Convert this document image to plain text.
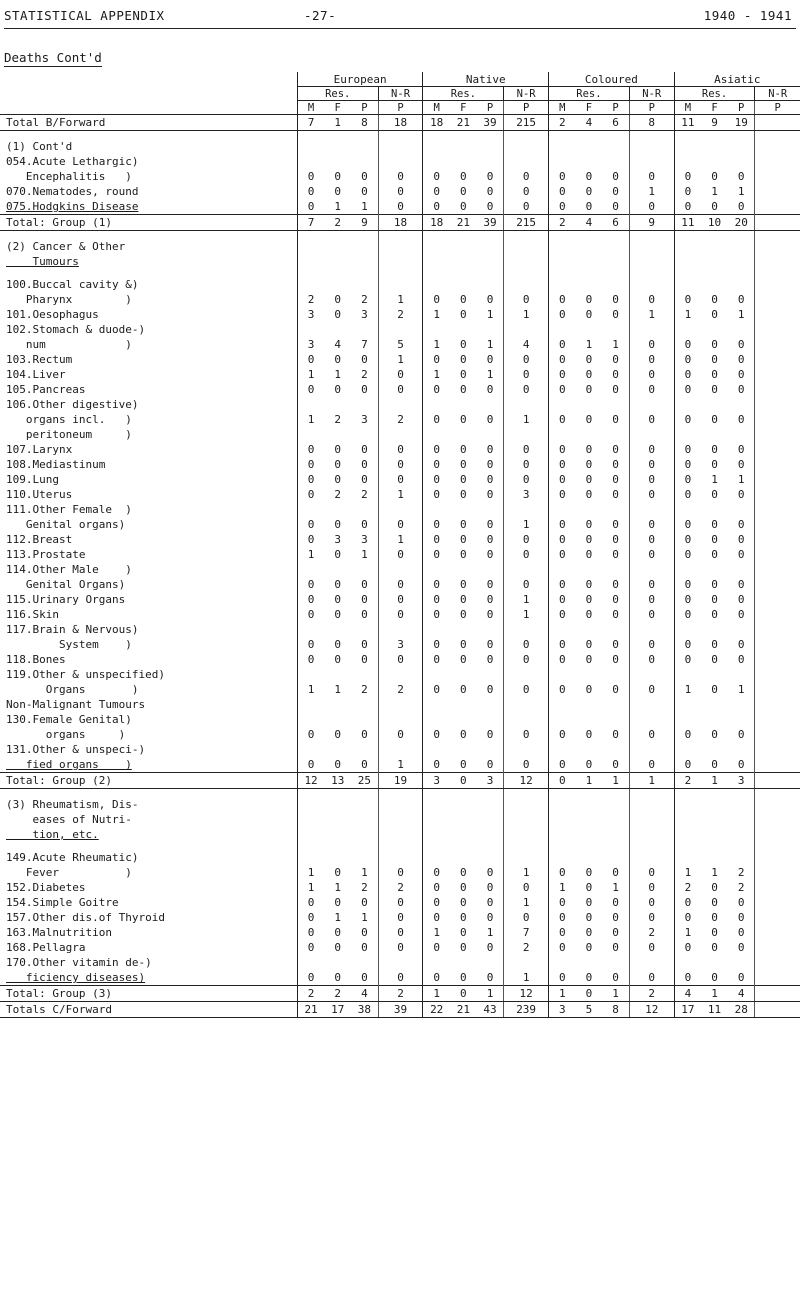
STATISTICAL APPENDIX	-27-	1940 - 1941
Deaths Cont'd
	European				Native				Coloured				Asiatic			
	Res.			N-R	Res.			N-R	Res.			N-R	Res.			N-R
	M	F	P	P	M	F	P	P	M	F	P	P	M	F	P	P
Total B/Forward	7	1	8	18	18	21	39	215	2	4	6	8	11	9	19	

(1) Cont'd																
054.Acute Lethargic)																
Encephalitis   )	0	0	0	0	0	0	0	0	0	0	0	0	0	0	0	
070.Nematodes, round	0	0	0	0	0	0	0	0	0	0	0	1	0	1	1	
075.Hodgkins Disease	0	1	1	0	0	0	0	0	0	0	0	0	0	0	0	
Total: Group (1)	7	2	9	18	18	21	39	215	2	4	6	9	11	10	20	

(2) Cancer & Other																
Tumours																

100.Buccal cavity &)																
Pharynx        )	2	0	2	1	0	0	0	0	0	0	0	0	0	0	0	
101.Oesophagus	3	0	3	2	1	0	1	1	0	0	0	1	1	0	1	
102.Stomach & duode-)																
num            )	3	4	7	5	1	0	1	4	0	1	1	0	0	0	0	
103.Rectum	0	0	0	1	0	0	0	0	0	0	0	0	0	0	0	
104.Liver	1	1	2	0	1	0	1	0	0	0	0	0	0	0	0	
105.Pancreas	0	0	0	0	0	0	0	0	0	0	0	0	0	0	0	
106.Other digestive)																
organs incl.   )	1	2	3	2	0	0	0	1	0	0	0	0	0	0	0	
peritoneum     )																
107.Larynx	0	0	0	0	0	0	0	0	0	0	0	0	0	0	0	
108.Mediastinum	0	0	0	0	0	0	0	0	0	0	0	0	0	0	0	
109.Lung	0	0	0	0	0	0	0	0	0	0	0	0	0	1	1	
110.Uterus	0	2	2	1	0	0	0	3	0	0	0	0	0	0	0	
111.Other Female  )																
Genital organs)	0	0	0	0	0	0	0	1	0	0	0	0	0	0	0	
112.Breast	0	3	3	1	0	0	0	0	0	0	0	0	0	0	0	
113.Prostate	1	0	1	0	0	0	0	0	0	0	0	0	0	0	0	
114.Other Male    )																
Genital Organs)	0	0	0	0	0	0	0	0	0	0	0	0	0	0	0	
115.Urinary Organs	0	0	0	0	0	0	0	1	0	0	0	0	0	0	0	
116.Skin	0	0	0	0	0	0	0	1	0	0	0	0	0	0	0	
117.Brain & Nervous)																
System    )	0	0	0	3	0	0	0	0	0	0	0	0	0	0	0	
118.Bones	0	0	0	0	0	0	0	0	0	0	0	0	0	0	0	
119.Other & unspecified)																
Organs       )	1	1	2	2	0	0	0	0	0	0	0	0	1	0	1	
Non-Malignant Tumours																
130.Female Genital)																
organs     )	0	0	0	0	0	0	0	0	0	0	0	0	0	0	0	
131.Other & unspeci-)																
fied organs    )	0	0	0	1	0	0	0	0	0	0	0	0	0	0	0	
Total: Group (2)	12	13	25	19	3	0	3	12	0	1	1	1	2	1	3	

(3) Rheumatism, Dis-																
eases of Nutri-																
tion, etc.																

149.Acute Rheumatic)																
Fever          )	1	0	1	0	0	0	0	1	0	0	0	0	1	1	2	
152.Diabetes	1	1	2	2	0	0	0	0	1	0	1	0	2	0	2	
154.Simple Goitre	0	0	0	0	0	0	0	1	0	0	0	0	0	0	0	
157.Other dis.of Thyroid	0	1	1	0	0	0	0	0	0	0	0	0	0	0	0	
163.Malnutrition	0	0	0	0	1	0	1	7	0	0	0	2	1	0	0	
168.Pellagra	0	0	0	0	0	0	0	2	0	0	0	0	0	0	0	
170.Other vitamin de-)																
ficiency diseases)	0	0	0	0	0	0	0	1	0	0	0	0	0	0	0	
Total: Group (3)	2	2	4	2	1	0	1	12	1	0	1	2	4	1	4	
Totals C/Forward	21	17	38	39	22	21	43	239	3	5	8	12	17	11	28	
